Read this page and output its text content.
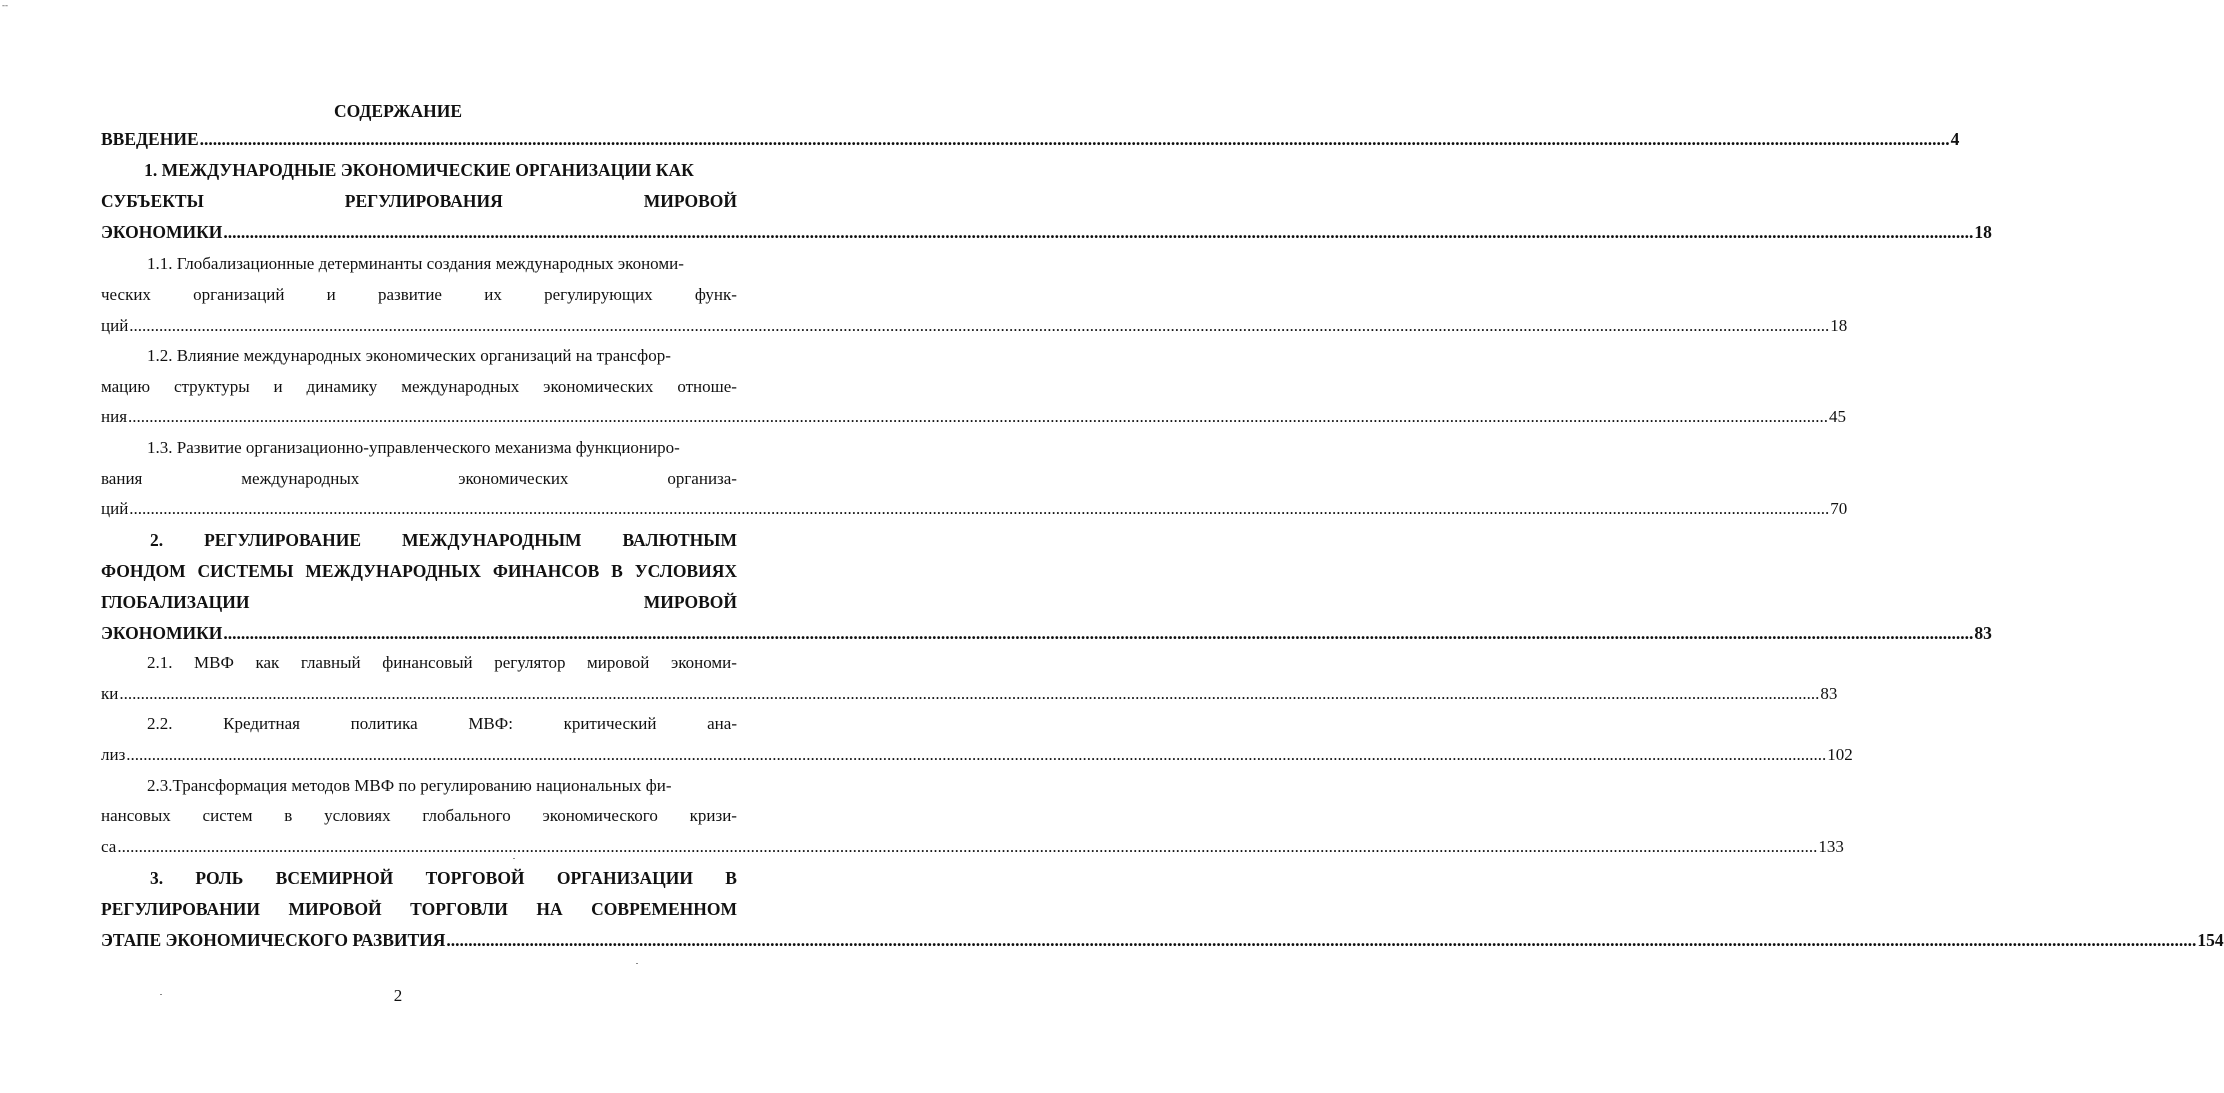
--
СОДЕРЖАНИЕ
ВВЕДЕНИЕ ................................................................................................................................................................................................................................................................................................................................................................................................................ 4
1. МЕЖДУНАРОДНЫЕ ЭКОНОМИЧЕСКИЕ ОРГАНИЗАЦИИ КАК
СУБЪЕКТЫ	РЕГУЛИРОВАНИЯ	МИРОВОЙ
ЭКОНОМИКИ ................................................................................................................................................................................................................................................................................................................................................................................................................ 18
1.1. Глобализационные детерминанты создания международных экономи-
ческих организаций и развитие их регулирующих функ-
ций ................................................................................................................................................................................................................................................................................................................................................................................................................ 18
1.2. Влияние международных экономических организаций на трансфор-
мацию структуры и динамику международных экономических отноше-
ния ................................................................................................................................................................................................................................................................................................................................................................................................................ 45
1.3. Развитие организационно-управленческого механизма функциониро-
вания	международных	экономических	организа-
ций ................................................................................................................................................................................................................................................................................................................................................................................................................ 70
2. РЕГУЛИРОВАНИЕ МЕЖДУНАРОДНЫМ ВАЛЮТНЫМ
ФОНДОМ СИСТЕМЫ МЕЖДУНАРОДНЫХ ФИНАНСОВ В УСЛОВИЯХ
ГЛОБАЛИЗАЦИИ	МИРОВОЙ
ЭКОНОМИКИ ................................................................................................................................................................................................................................................................................................................................................................................................................ 83
2.1. МВФ как главный финансовый регулятор мировой экономи-
ки ................................................................................................................................................................................................................................................................................................................................................................................................................ 83
2.2.	Кредитная	политика	МВФ:	критический	ана-
лиз ................................................................................................................................................................................................................................................................................................................................................................................................................ 102
2.3.Трансформация методов МВФ по регулированию национальных фи-
нансовых систем в условиях глобального экономического кризи-
са ................................................................................................................................................................................................................................................................................................................................................................................................................ 133
3. РОЛЬ ВСЕМИРНОЙ ТОРГОВОЙ ОРГАНИЗАЦИИ В
РЕГУЛИРОВАНИИ МИРОВОЙ ТОРГОВЛИ НА СОВРЕМЕННОМ
ЭТАПЕ ЭКОНОМИЧЕСКОГО РАЗВИТИЯ ................................................................................................................................................................................................................................................................................................................................................................................................................ 154
2
